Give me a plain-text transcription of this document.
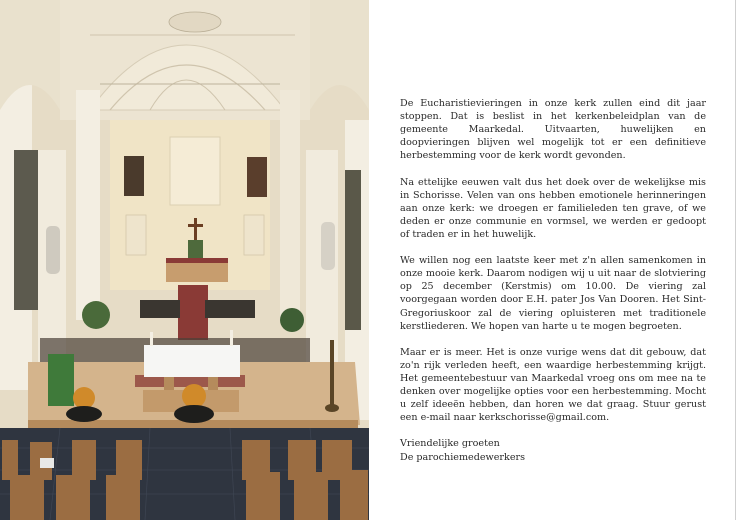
De Eucharistievieringen in onze kerk zullen eind dit jaar stoppen. Dat is beslist in het kerkenbeleidplan van de gemeente Maarkedal. Uitvaarten, huwelijken en doopvieringen blijven wel mogelijk tot er een definitieve herbestemming voor de kerk wordt gevonden.

Na ettelijke eeuwen valt dus het doek over de wekelijkse mis in Schorisse. Velen van ons hebben emotionele herinneringen aan onze kerk: we droegen er familieleden ten grave, of we deden er onze communie en vormsel, we werden er gedoopt of traden er in het huwelijk.

We willen nog een laatste keer met z'n allen samenkomen in onze mooie kerk. Daarom nodigen wij u uit naar de slotviering op 25 december (Kerstmis) om 10.00. De viering zal voorgegaan worden door E.H. pater Jos Van Dooren. Het Sint-Gregoriuskoor zal de viering opluisteren met traditionele kerstliederen. We hopen van harte u te mogen begroeten.

Maar er is meer. Het is onze vurige wens dat dit gebouw, dat zo'n rijk verleden heeft, een waardige herbestemming krijgt. Het gemeentebestuur van Maarkedal vroeg ons om mee na te denken over mogelijke opties voor een herbestemming. Mocht u zelf ideeën hebben, dan horen we dat graag. Stuur gerust een e-mail naar kerkschorisse@gmail.com.

Vriendelijke groeten

De parochiemedewerkers
